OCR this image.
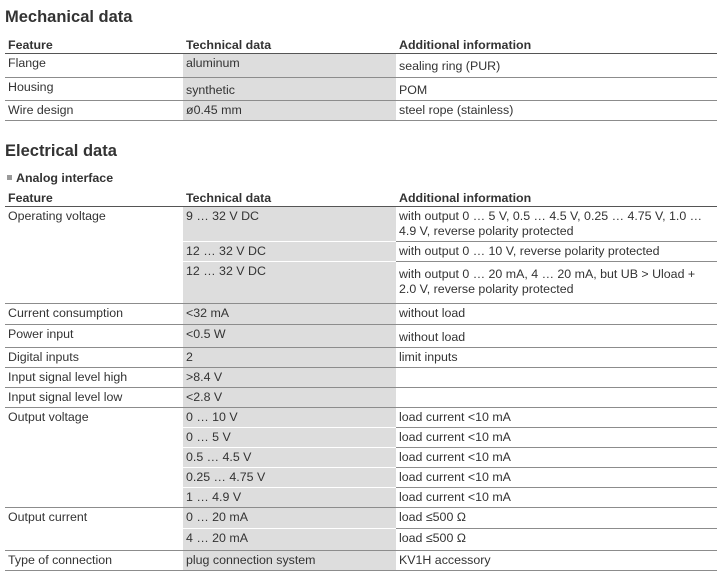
Mechanical data
Feature	Technical data	Additional information
Flange	aluminum	sealing ring (PUR)
Housing	synthetic	POM
Wire design	ø0.45 mm	steel rope (stainless)
Electrical data
Analog interface
Feature	Technical data	Additional information
Operating voltage	9 … 32 V DC	with output 0 … 5 V, 0.5 … 4.5 V, 0.25 … 4.75 V, 1.0 … 4.9 V, reverse polarity protected
	12 … 32 V DC	with output 0 … 10 V, reverse polarity protected
	12 … 32 V DC	with output 0 … 20 mA, 4 … 20 mA, but UB > Uload + 2.0 V, reverse polarity protected
Current consumption	<32 mA	without load
Power input	<0.5 W	without load
Digital inputs	2	limit inputs
Input signal level high	>8.4 V	
Input signal level low	<2.8 V	
Output voltage	0 … 10 V	load current <10 mA
	0 … 5 V	load current <10 mA
	0.5 … 4.5 V	load current <10 mA
	0.25 … 4.75 V	load current <10 mA
	1 … 4.9 V	load current <10 mA
Output current	0 … 20 mA	load ≤500 Ω
	4 … 20 mA	load ≤500 Ω
Type of connection	plug connection system	KV1H accessory
